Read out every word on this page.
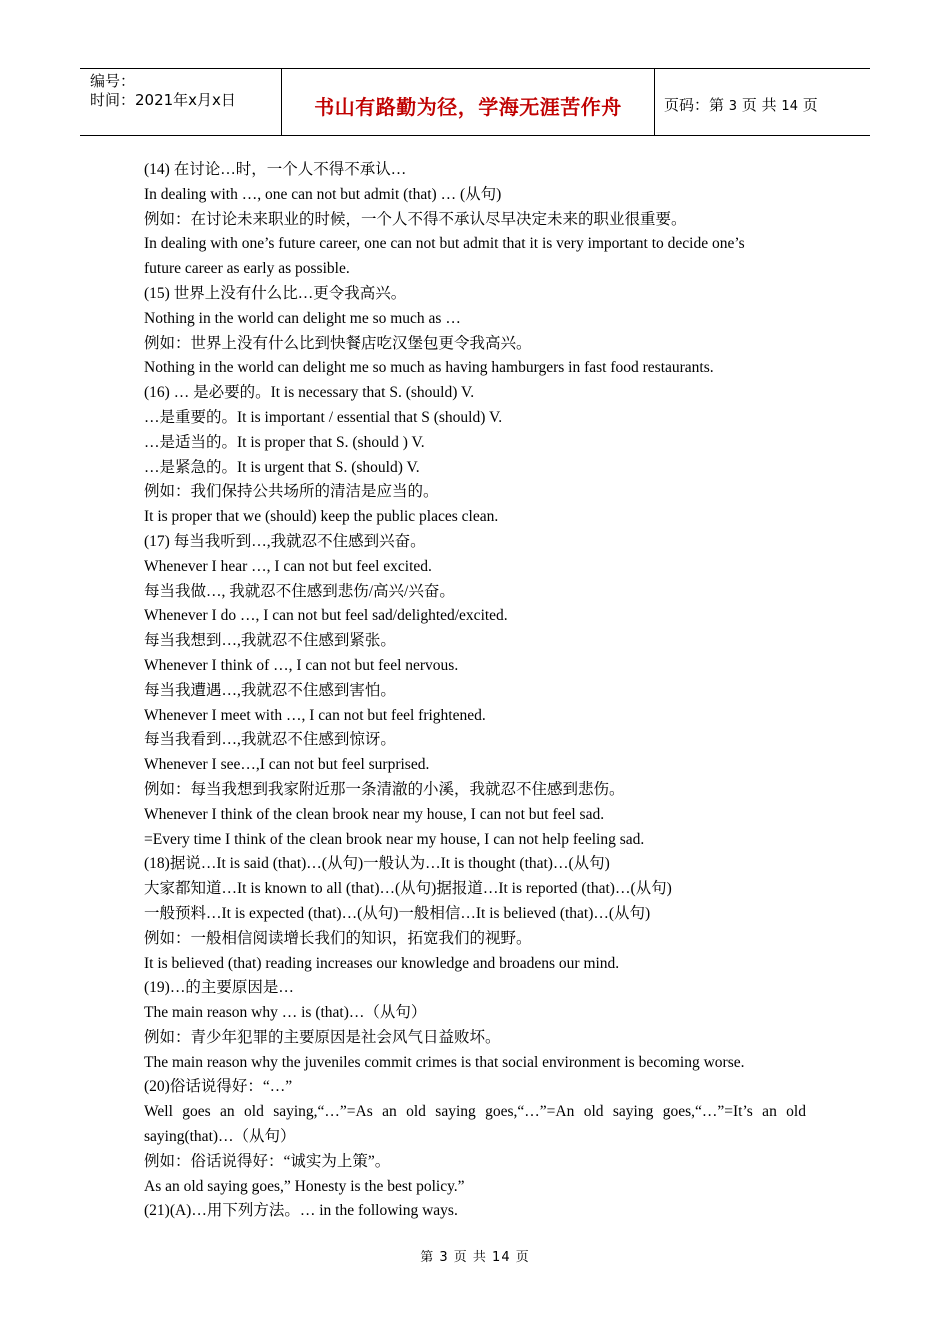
编号：
时间：2021年x月x日	书山有路勤为径，学海无涯苦作舟	页码：第 3 页 共 14 页

(14) 在讨论…时，一个人不得不承认…

In dealing with …, one can not but admit (that) … (从句)

例如：在讨论未来职业的时候，一个人不得不承认尽早决定未来的职业很重要。

In dealing with one’s future career, one can not but admit that it is very important to decide one’s

future career as early as possible.

(15) 世界上没有什么比…更令我高兴。

Nothing in the world can delight me so much as …

例如：世界上没有什么比到快餐店吃汉堡包更令我高兴。

Nothing in the world can delight me so much as having hamburgers in fast food restaurants.

(16) … 是必要的。It is necessary that S. (should) V.

…是重要的。It is important / essential that S (should) V.

…是适当的。It is proper that S. (should ) V.

…是紧急的。It is urgent that S. (should) V.

例如：我们保持公共场所的清洁是应当的。

It is proper that we (should) keep the public places clean.

(17) 每当我听到…,我就忍不住感到兴奋。

Whenever I hear …, I can not but feel excited.

每当我做…, 我就忍不住感到悲伤/高兴/兴奋。

Whenever I do …, I can not but feel sad/delighted/excited.

每当我想到…,我就忍不住感到紧张。

Whenever I think of …, I can not but feel nervous.

每当我遭遇…,我就忍不住感到害怕。

Whenever I meet with …, I can not but feel frightened.

每当我看到…,我就忍不住感到惊讶。

Whenever I see…,I can not but feel surprised.

例如：每当我想到我家附近那一条清澈的小溪，我就忍不住感到悲伤。

Whenever I think of the clean brook near my house, I can not but feel sad.

=Every time I think of the clean brook near my house, I can not help feeling sad.

(18)据说…It is said (that)…(从句)一般认为…It is thought (that)…(从句)

大家都知道…It is known to all (that)…(从句)据报道…It is reported (that)…(从句)

一般预料…It is expected (that)…(从句)一般相信…It is believed (that)…(从句)

例如：一般相信阅读增长我们的知识，拓宽我们的视野。

It is believed (that) reading increases our knowledge and broadens our mind.

(19)…的主要原因是…

The main reason why … is (that)…（从句）

例如：青少年犯罪的主要原因是社会风气日益败坏。

The main reason why the juveniles commit crimes is that social environment is becoming worse.

(20)俗话说得好：“…”

Well goes an old saying,“…”=As an old saying goes,“…”=An old saying goes,“…”=It’s an old saying(that)…（从句）

例如：俗话说得好：“诚实为上策”。

As an old saying goes,” Honesty is the best policy.”

(21)(A)…用下列方法。… in the following ways.

第 3 页 共 14 页
